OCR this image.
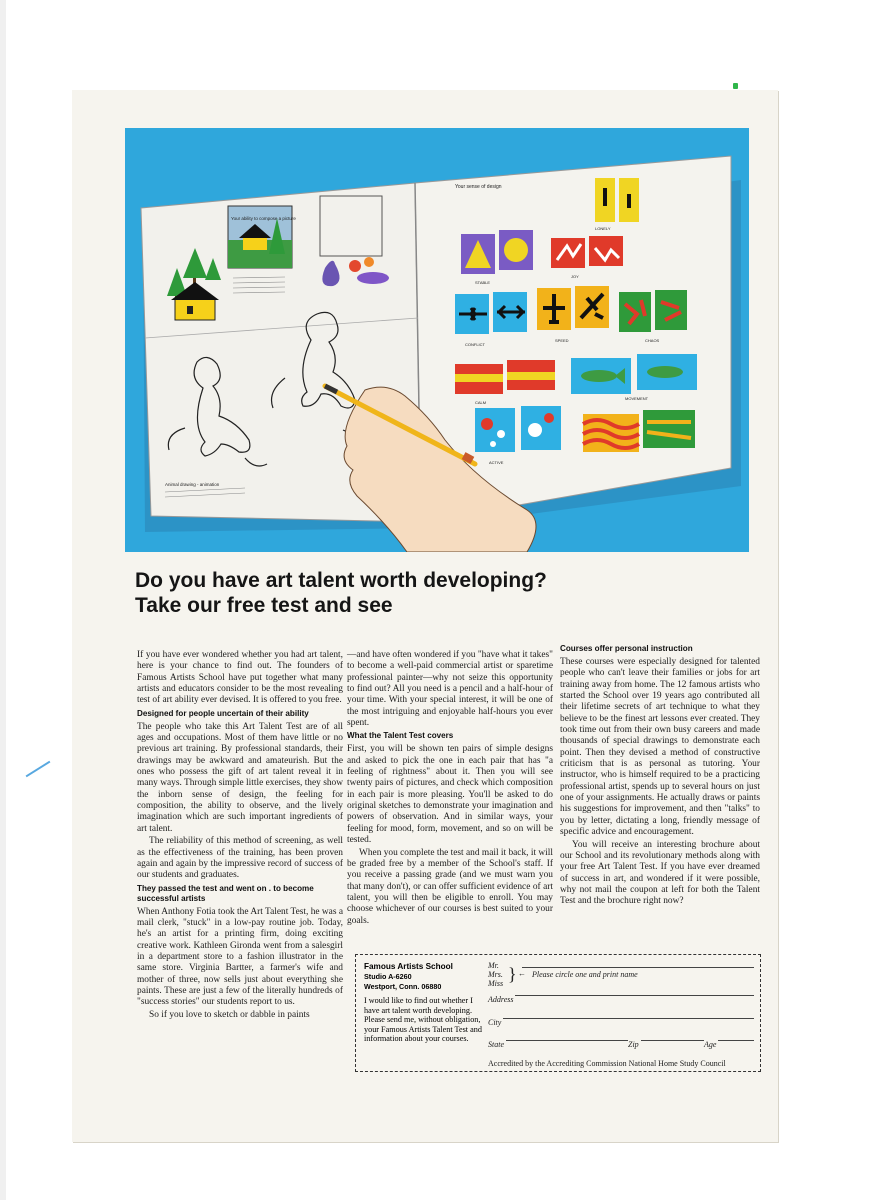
Your ability to compose a picture
Animal drawing - animation
Your sense of design
LONELY
STABLE
JOY
CONFLICT
SPEED	CHAOS
CALM
MOVEMENT
ACTIVE
Do you have art talent worth developing?
Take our free test and see

If you have ever wondered whether you had art talent, here is your chance to find out. The founders of Famous Artists School have put together what many artists and educators consider to be the most revealing test of art ability ever devised. It is offered to you free.

Designed for people uncertain of their ability

The people who take this Art Talent Test are of all ages and occupations. Most of them have little or no previous art training. By professional standards, their drawings may be awkward and amateurish. But the ones who possess the gift of art talent reveal it in many ways. Through simple little exercises, they show the inborn sense of design, the feeling for composition, the ability to observe, and the lively imagination which are such important ingredients of art talent.

The reliability of this method of screening, as well as the effectiveness of the training, has been proven again and again by the impressive record of success of our students and graduates.

They passed the test and went on . to become successful artists

When Anthony Fotia took the Art Talent Test, he was a mail clerk, "stuck" in a low-pay routine job. Today, he's an artist for a printing firm, doing exciting creative work. Kathleen Gironda went from a salesgirl in a department store to a fashion illustrator in the same store. Virginia Bartter, a farmer's wife and mother of three, now sells just about everything she paints. These are just a few of the literally hundreds of "success stories" our students report to us.

So if you love to sketch or dabble in paints

—and have often wondered if you "have what it takes" to become a well-paid commercial artist or sparetime professional painter—why not seize this opportunity to find out? All you need is a pencil and a half-hour of your time. With your special interest, it will be one of the most intriguing and enjoyable half-hours you ever spent.

What the Talent Test covers

First, you will be shown ten pairs of simple designs and asked to pick the one in each pair that has "a feeling of rightness" about it. Then you will see twenty pairs of pictures, and check which composition in each pair is more pleasing. You'll be asked to do original sketches to demonstrate your imagination and powers of observation. And in similar ways, your feeling for mood, form, movement, and so on will be tested.

When you complete the test and mail it back, it will be graded free by a member of the School's staff. If you receive a passing grade (and we must warn you that many don't), or can offer sufficient evidence of art talent, you will then be eligible to enroll. You may choose whichever of our courses is best suited to your goals.

Courses offer personal instruction

These courses were especially designed for talented people who can't leave their families or jobs for art training away from home. The 12 famous artists who started the School over 19 years ago contributed all their lifetime secrets of art technique to what they believe to be the finest art lessons ever created. They took time out from their own busy careers and made thousands of special drawings to demonstrate each point. Then they devised a method of constructive criticism that is as personal as tutoring. Your instructor, who is himself required to be a practicing professional artist, spends up to several hours on just one of your assignments. He actually draws or paints his suggestions for improvement, and then "talks" to you by letter, dictating a long, friendly message of specific advice and encouragement.

You will receive an interesting brochure about our School and its revolutionary methods along with your free Art Talent Test. If you have ever dreamed of success in art, and wondered if it were possible, why not mail the coupon at left for both the Talent Test and the brochure right now?

Famous Artists School
Studio A-6260
Westport, Conn. 06880
I would like to find out whether I have art talent worth developing. Please send me, without obligation, your Famous Artists Talent Test and information about your courses.
Mr.
Mrs.
Miss } ← Please circle one and print name
Address
City
State	Zip	Age
Accredited by the Accrediting Commission National Home Study Council
